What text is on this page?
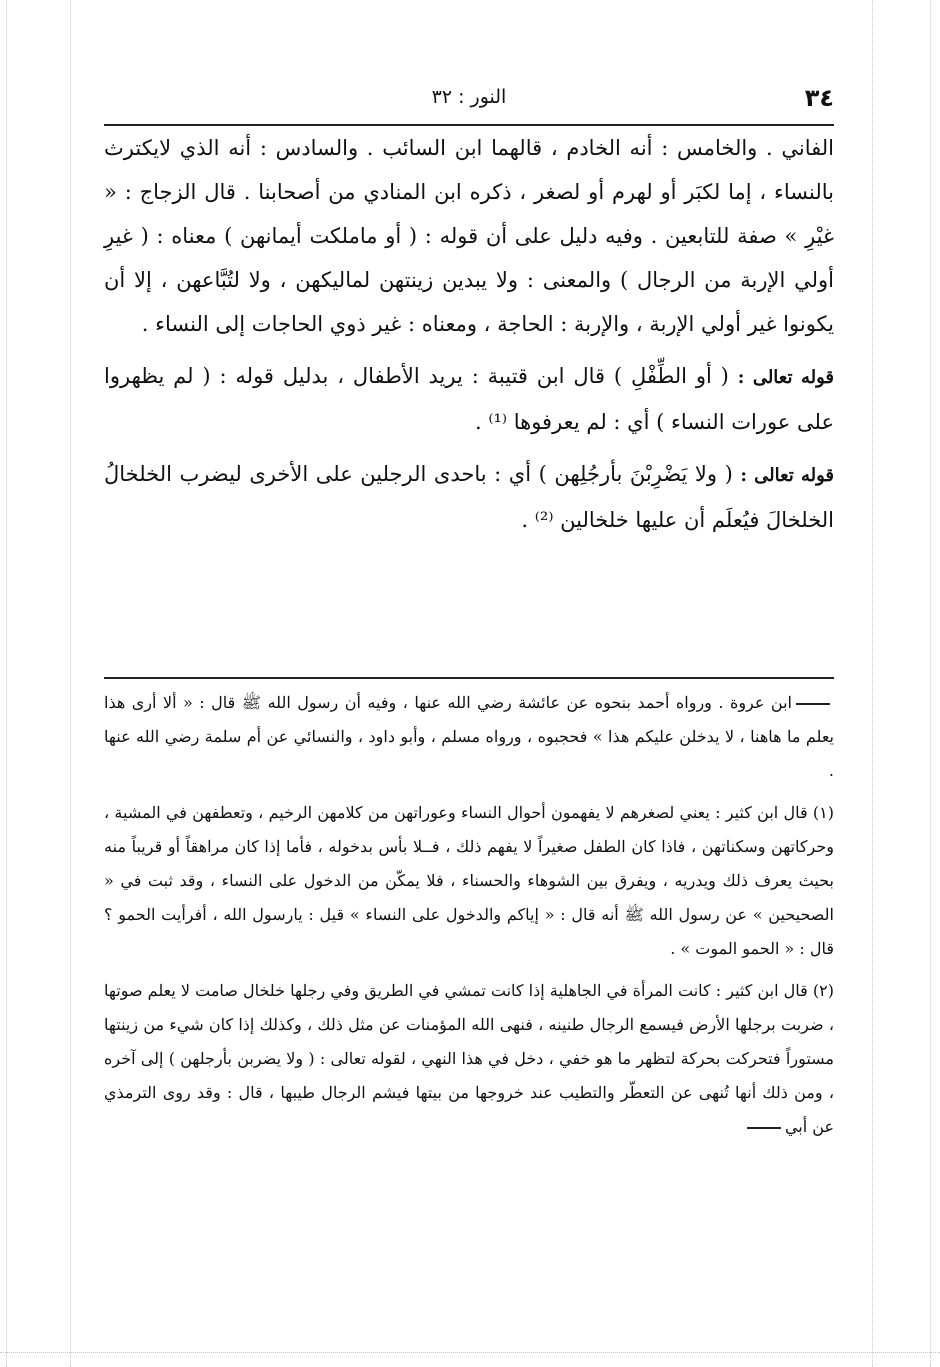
٣٤
النور : ٣٢

الفاني . والخامس : أنه الخادم ، قالهما ابن السائب . والسادس : أنه الذي لايكترث بالنساء ، إما لكبَر أو لهرم أو لصغر ، ذكره ابن المنادي من أصحابنا . قال الزجاج : « غيْرِ » صفة للتابعين . وفيه دليل على أن قوله : ( أو ماملكت أيمانهن ) معناه : ( غيرِ أولي الإربة من الرجال ) والمعنى : ولا يبدين زينتهن لماليكهن ، ولا لتُبَّاعهن ، إلا أن يكونوا غير أولي الإربة ، والإربة : الحاجة ، ومعناه : غير ذوي الحاجات إلى النساء .

قوله تعالى : ( أو الطِّفْلِ ) قال ابن قتيبة : يريد الأطفال ، بدليل قوله : ( لم يظهروا على عورات النساء ) أي : لم يعرفوها ⁽¹⁾ .

قوله تعالى : ( ولا يَضْرِبْنَ بأرجُلِهن ) أي : باحدى الرجلين على الأخرى ليضرب الخلخالُ الخلخالَ فيُعلَم أن عليها خلخالين ⁽²⁾ .

ابن عروة . ورواه أحمد بنحوه عن عائشة رضي الله عنها ، وفيه أن رسول الله ﷺ قال : « ألا أرى هذا يعلم ما هاهنا ، لا يدخلن عليكم هذا » فحجبوه ، ورواه مسلم ، وأبو داود ، والنسائي عن أم سلمة رضي الله عنها .

(١) قال ابن كثير : يعني لصغرهم لا يفهمون أحوال النساء وعوراتهن من كلامهن الرخيم ، وتعطفهن في المشية ، وحركاتهن وسكناتهن ، فاذا كان الطفل صغيراً لا يفهم ذلك ، فــلا بأس بدخوله ، فأما إذا كان مراهقاً أو قريباً منه بحيث يعرف ذلك ويدريه ، ويفرق بين الشوهاء والحسناء ، فلا يمكّن من الدخول على النساء ، وقد ثبت في « الصحيحين » عن رسول الله ﷺ أنه قال : « إياكم والدخول على النساء » قيل : يارسول الله ، أفرأيت الحمو ؟ قال : « الحمو الموت » .

(٢) قال ابن كثير : كانت المرأة في الجاهلية إذا كانت تمشي في الطريق وفي رجلها خلخال صامت لا يعلم صوتها ، ضربت برجلها الأرض فيسمع الرجال طنينه ، فنهى الله المؤمنات عن مثل ذلك ، وكذلك إذا كان شيء من زينتها مستوراً فتحركت بحركة لتظهر ما هو خفي ، دخل في هذا النهي ، لقوله تعالى : ( ولا يضربن بأرجلهن ) إلى آخره ، ومن ذلك أنها تُنهى عن التعطّر والتطيب عند خروجها من بيتها فيشم الرجال طيبها ، قال : وقد روى الترمذي عن أبي
